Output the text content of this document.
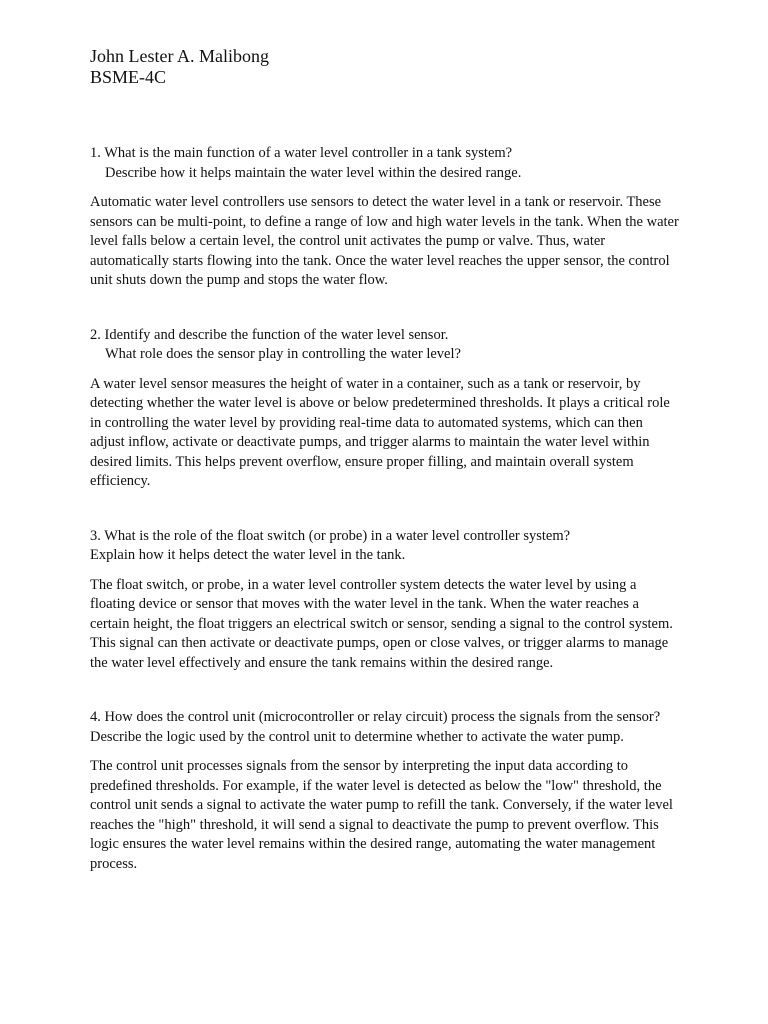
John Lester A. Malibong
BSME-4C
1. What is the main function of a water level controller in a tank system?
Describe how it helps maintain the water level within the desired range.
Automatic water level controllers use sensors to detect the water level in a tank or reservoir. These sensors can be multi-point, to define a range of low and high water levels in the tank. When the water level falls below a certain level, the control unit activates the pump or valve. Thus, water automatically starts flowing into the tank. Once the water level reaches the upper sensor, the control unit shuts down the pump and stops the water flow.
2. Identify and describe the function of the water level sensor.
What role does the sensor play in controlling the water level?
A water level sensor measures the height of water in a container, such as a tank or reservoir, by detecting whether the water level is above or below predetermined thresholds. It plays a critical role in controlling the water level by providing real-time data to automated systems, which can then adjust inflow, activate or deactivate pumps, and trigger alarms to maintain the water level within desired limits. This helps prevent overflow, ensure proper filling, and maintain overall system efficiency.
3. What is the role of the float switch (or probe) in a water level controller system?
Explain how it helps detect the water level in the tank.
The float switch, or probe, in a water level controller system detects the water level by using a floating device or sensor that moves with the water level in the tank. When the water reaches a certain height, the float triggers an electrical switch or sensor, sending a signal to the control system. This signal can then activate or deactivate pumps, open or close valves, or trigger alarms to manage the water level effectively and ensure the tank remains within the desired range.
4. How does the control unit (microcontroller or relay circuit) process the signals from the sensor? Describe the logic used by the control unit to determine whether to activate the water pump.
The control unit processes signals from the sensor by interpreting the input data according to predefined thresholds. For example, if the water level is detected as below the "low" threshold, the control unit sends a signal to activate the water pump to refill the tank. Conversely, if the water level reaches the "high" threshold, it will send a signal to deactivate the pump to prevent overflow. This logic ensures the water level remains within the desired range, automating the water management process.
